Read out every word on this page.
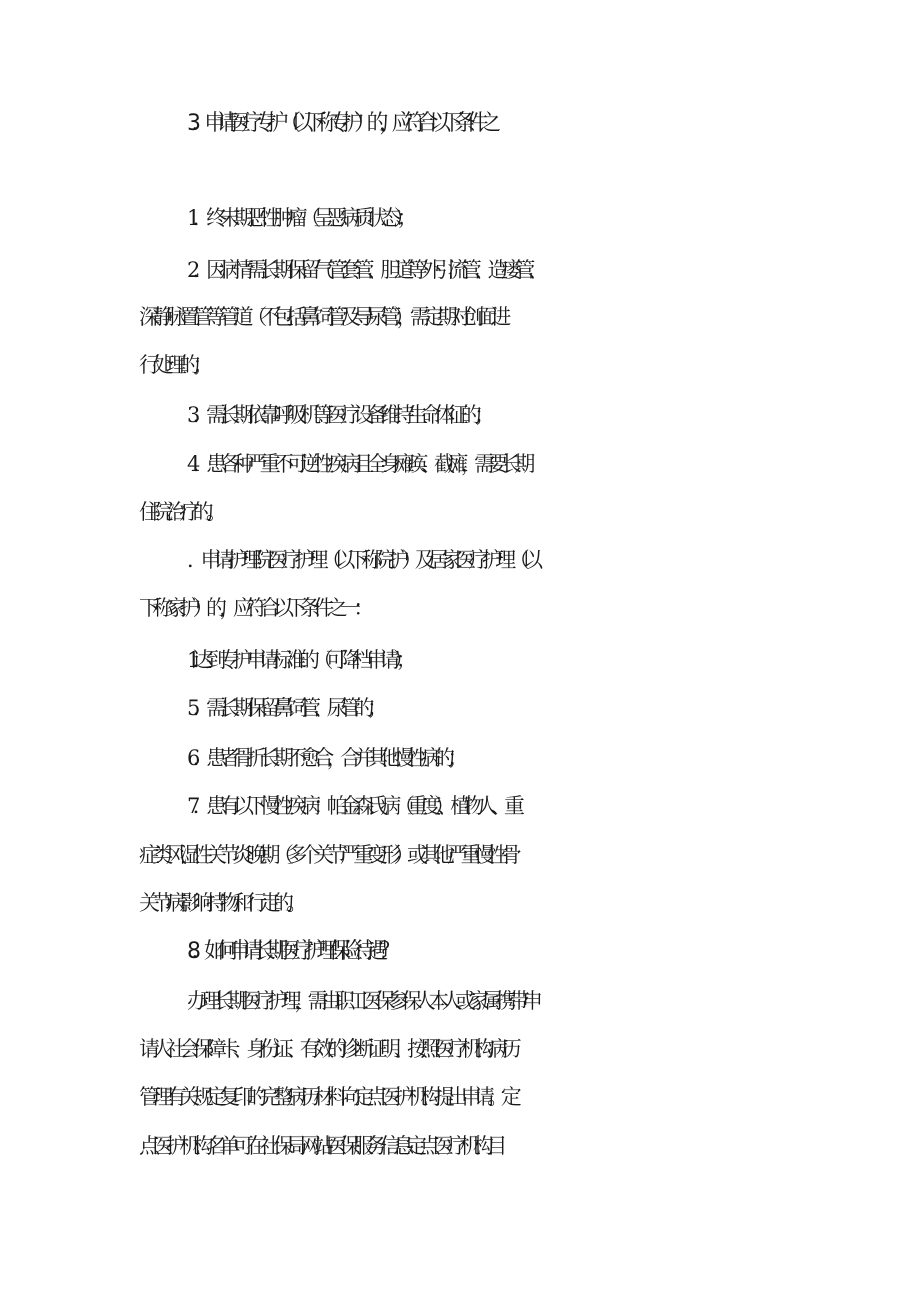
3．申请医疗专护（以下称专护）的，应符合以下条件之
1．终末期恶性肿瘤（呈恶病质状态）；
2．因病情需长期保留气管套管、胆道等外引流管、造瘘管、
深静脉置管等管道（不包括鼻饲管及导尿管），需定期对创面进
行处理的；
3．需长期依靠呼吸机等医疗设备维持生命体征的；
4．患各种严重不可逆性疾病且全身瘫痪、截瘫，需要长期
住院治疗的。
．申请护理院医疗护理（以下称院护）及居家医疗护理（以
下称家护）的，应符合以下条件之一：
1.达到专护申请标准的（可降档申请）；
5．需长期保留鼻饲管、尿管的；
6．患者骨折长期不愈合，合并其他慢性病的；
7．患有以下慢性疾病：帕金森氏病（重度）、植物人、重
症类风湿性关节炎晚期（多个关节严重变形）或其他严重慢性骨
关节病影响持物和行走的。
8．如何申请长期医疗护理保险待遇？
办理长期医疗护理，需由职工医保参保人本人或家属携带申
请人社会保障卡、身份证、有效的诊断证明、按照医疗机构病历
管理有关规定复印的完整病历材料向定点医护机构提出申请。定
点医护机构名单可在社保局网站-医保服务信息-定点医疗机构目
